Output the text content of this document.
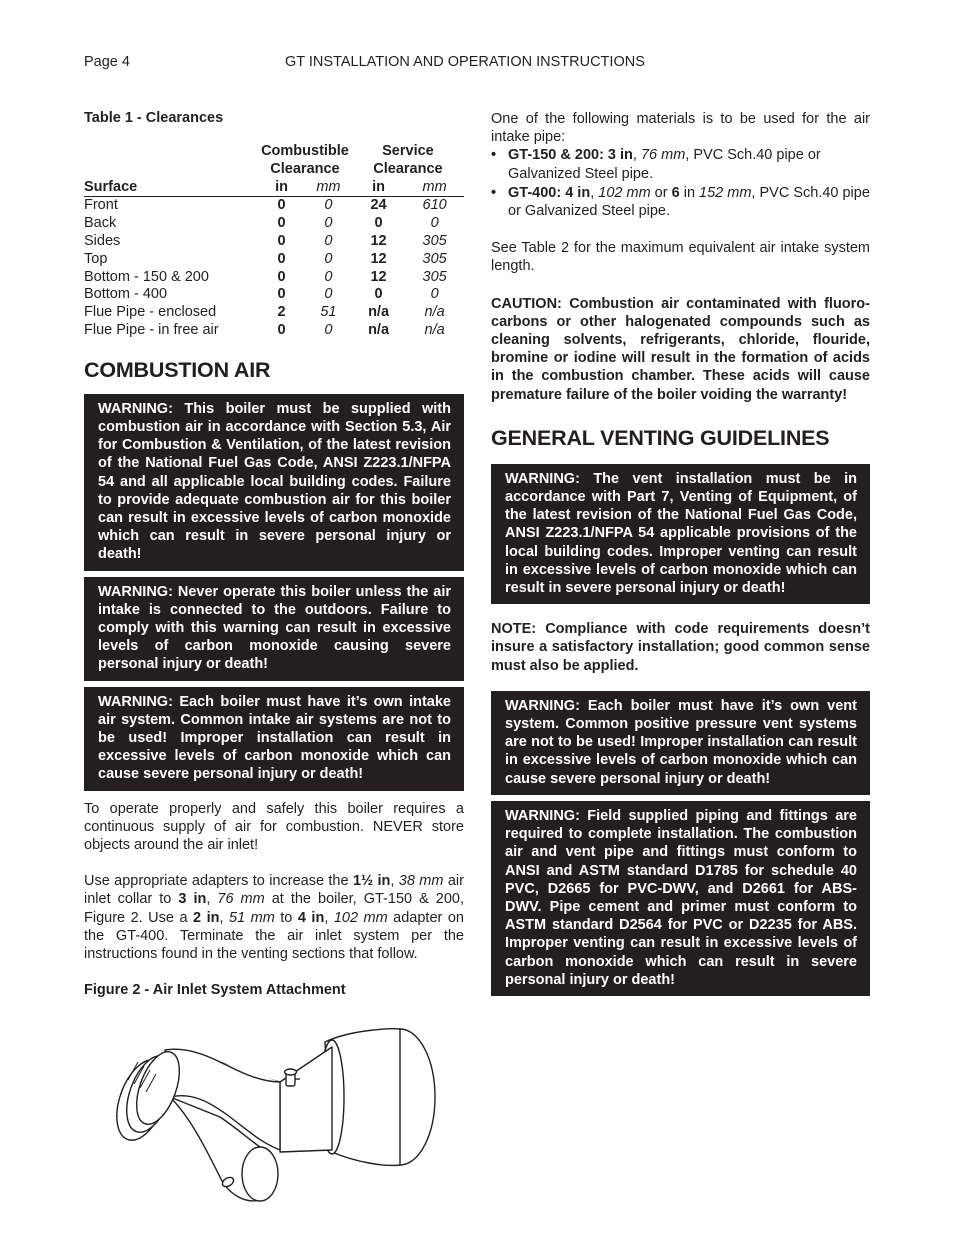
Page 4	GT INSTALLATION AND OPERATION INSTRUCTIONS
Table 1 - Clearances
	Combustible		Service	
	Clearance		Clearance	
Surface	in	mm	in	mm
Front	0	0	24	610
Back	0	0	0	0
Sides	0	0	12	305
Top	0	0	12	305
Bottom - 150 & 200	0	0	12	305
Bottom - 400	0	0	0	0
Flue Pipe - enclosed	2	51	n/a	n/a
Flue Pipe - in free air	0	0	n/a	n/a
COMBUSTION AIR
WARNING: This boiler must be supplied with combustion air in accordance with Section 5.3, Air for Combustion & Ventilation, of the latest revision of the National Fuel Gas Code, ANSI Z223.1/NFPA 54 and all applicable local building codes. Failure to provide adequate combustion air for this boiler can result in excessive levels of carbon monoxide which can result in severe personal injury or death!
WARNING: Never operate this boiler unless the air intake is connected to the outdoors. Failure to comply with this warning can result in excessive levels of carbon monoxide causing severe personal injury or death!
WARNING: Each boiler must have it’s own intake air system. Common intake air systems are not to be used! Improper installation can result in excessive levels of carbon monoxide which can cause severe personal injury or death!

To operate properly and safely this boiler requires a continuous supply of air for combustion. NEVER store objects around the air inlet!

Use appropriate adapters to increase the 1½ in, 38 mm air inlet collar to 3 in, 76 mm at the boiler, GT-150 & 200, Figure 2. Use a 2 in, 51 mm to 4 in, 102 mm adapter on the GT-400. Terminate the air inlet system per the instructions found in the venting sections that follow.

Figure 2 - Air Inlet System Attachment

One of the following materials is to be used for the air intake pipe:

• GT-150 & 200: 3 in, 76 mm, PVC Sch.40 pipe or Galvanized Steel pipe.
• GT-400: 4 in, 102 mm or 6 in 152 mm, PVC Sch.40 pipe or Galvanized Steel pipe.

See Table 2 for the maximum equivalent air intake system length.

CAUTION: Combustion air contaminated with fluoro-carbons or other halogenated compounds such as cleaning solvents, refrigerants, chloride, flouride, bromine or iodine will result in the formation of acids in the combustion chamber. These acids will cause premature failure of the boiler voiding the warranty!

GENERAL VENTING GUIDELINES
WARNING: The vent installation must be in accordance with Part 7, Venting of Equipment, of the latest revision of the National Fuel Gas Code, ANSI Z223.1/NFPA 54 applicable provisions of the local building codes. Improper venting can result in excessive levels of carbon monoxide which can result in severe personal injury or death!

NOTE: Compliance with code requirements doesn’t insure a satisfactory installation; good common sense must also be applied.

WARNING: Each boiler must have it’s own vent system. Common positive pressure vent systems are not to be used! Improper installation can result in excessive levels of carbon monoxide which can cause severe personal injury or death!
WARNING: Field supplied piping and fittings are required to complete installation. The combustion air and vent pipe and fittings must conform to ANSI and ASTM standard D1785 for schedule 40 PVC, D2665 for PVC-DWV, and D2661 for ABS-DWV. Pipe cement and primer must conform to ASTM standard D2564 for PVC or D2235 for ABS. Improper venting can result in excessive levels of carbon monoxide which can result in severe personal injury or death!
